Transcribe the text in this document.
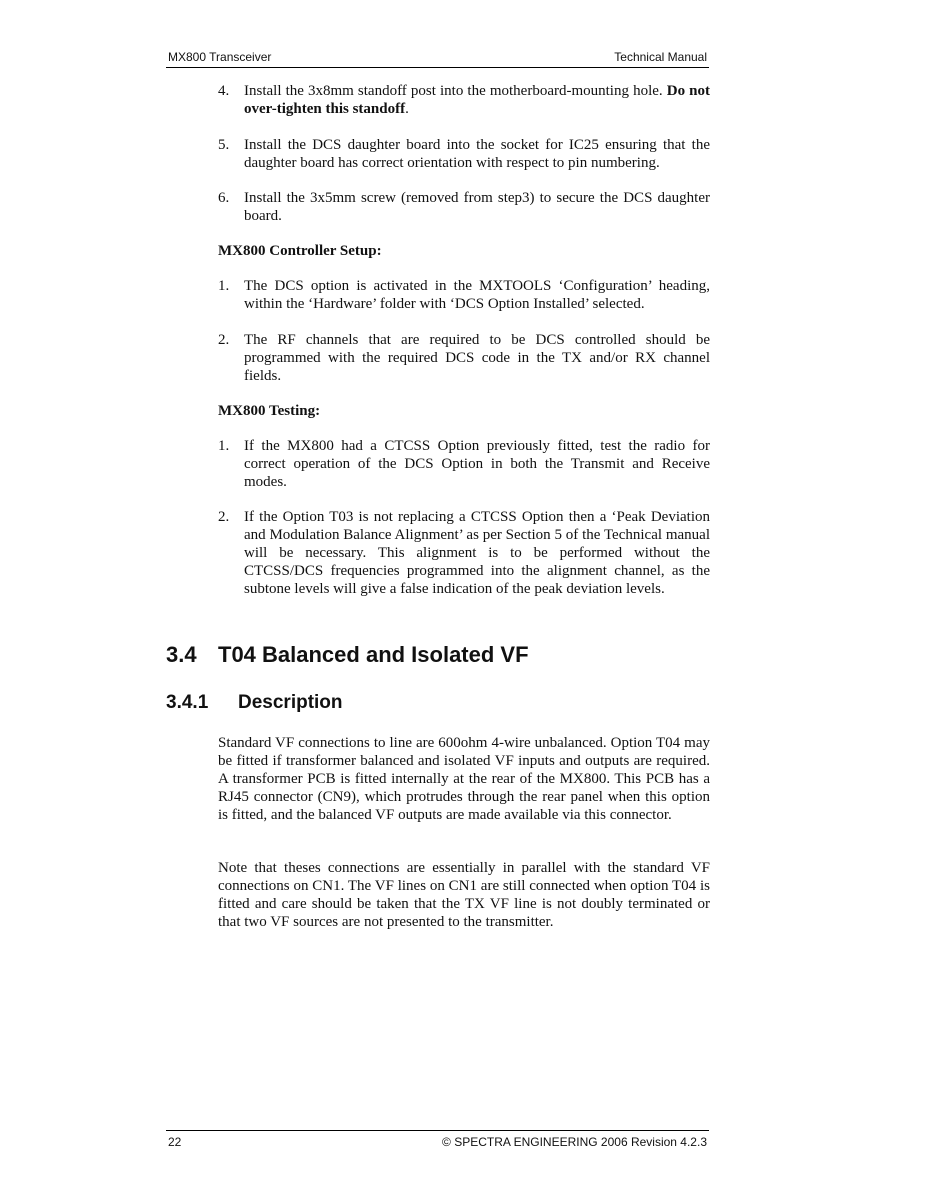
MX800 Transceiver	Technical Manual
4. Install the 3x8mm standoff post into the motherboard-mounting hole. Do not over-tighten this standoff.
5. Install the DCS daughter board into the socket for IC25 ensuring that the daughter board has correct orientation with respect to pin numbering.
6. Install the 3x5mm screw (removed from step3) to secure the DCS daughter board.
MX800 Controller Setup:
1. The DCS option is activated in the MXTOOLS ‘Configuration’ heading, within the ‘Hardware’ folder with ‘DCS Option Installed’ selected.
2. The RF channels that are required to be DCS controlled should be programmed with the required DCS code in the TX and/or RX channel fields.
MX800 Testing:
1. If the MX800 had a CTCSS Option previously fitted, test the radio for correct operation of the DCS Option in both the Transmit and Receive modes.
2. If the Option T03 is not replacing a CTCSS Option then a ‘Peak Deviation and Modulation Balance Alignment’ as per Section 5 of the Technical manual will be necessary. This alignment is to be performed without the CTCSS/DCS frequencies programmed into the alignment channel, as the subtone levels will give a false indication of the peak deviation levels.
3.4 T04 Balanced and Isolated VF
3.4.1 Description
Standard VF connections to line are 600ohm 4-wire unbalanced. Option T04 may be fitted if transformer balanced and isolated VF inputs and outputs are required. A transformer PCB is fitted internally at the rear of the MX800. This PCB has a RJ45 connector (CN9), which protrudes through the rear panel when this option is fitted, and the balanced VF outputs are made available via this connector.
Note that theses connections are essentially in parallel with the standard VF connections on CN1. The VF lines on CN1 are still connected when option T04 is fitted and care should be taken that the TX VF line is not doubly terminated or that two VF sources are not presented to the transmitter.
22	© SPECTRA ENGINEERING 2006 Revision 4.2.3
